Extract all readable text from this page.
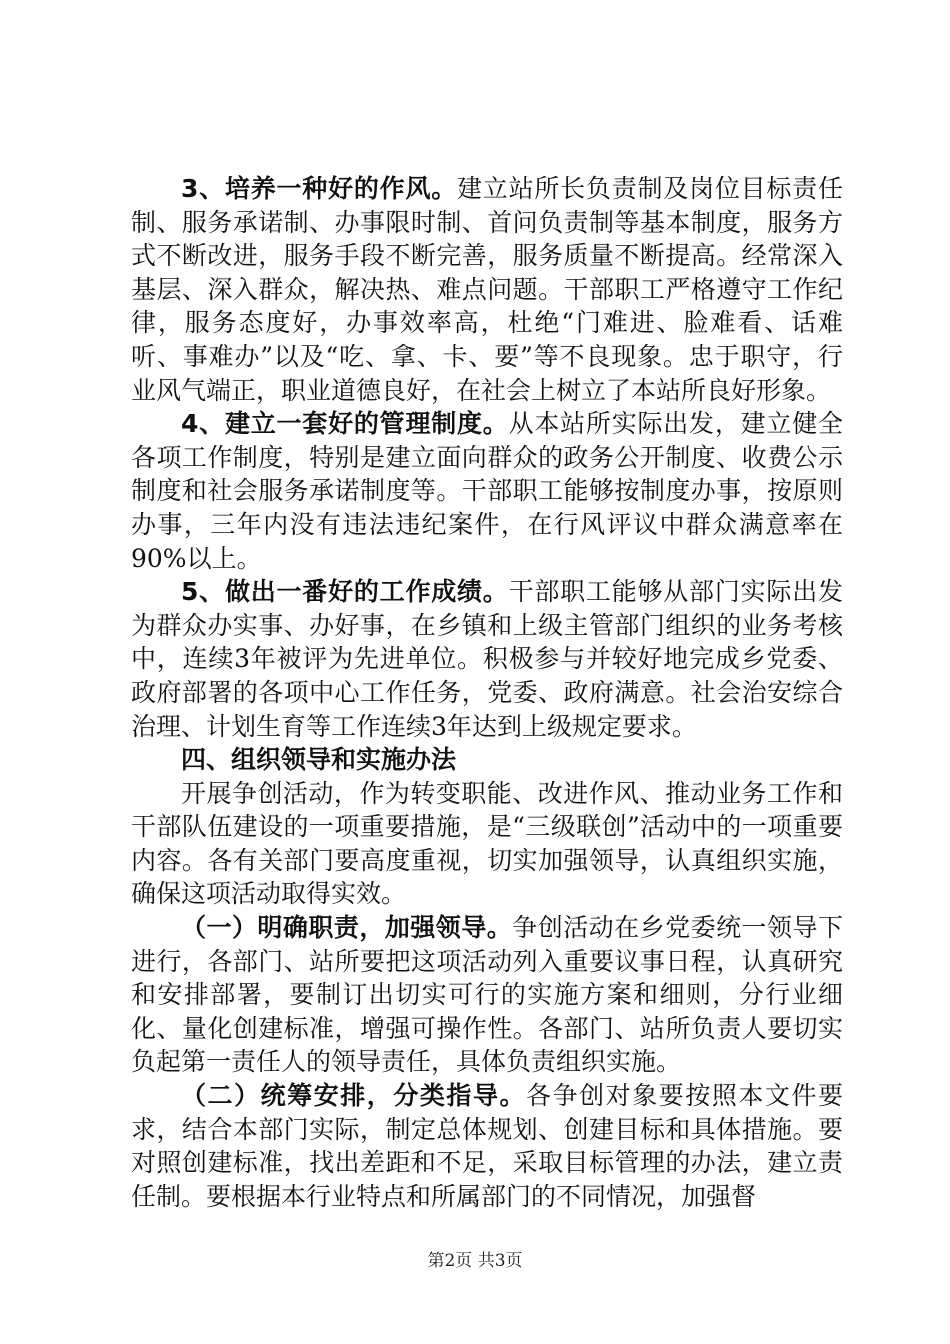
3、培养一种好的作风。建立站所长负责制及岗位目标责任制、服务承诺制、办事限时制、首问负责制等基本制度，服务方式不断改进，服务手段不断完善，服务质量不断提高。经常深入基层、深入群众，解决热、难点问题。干部职工严格遵守工作纪律，服务态度好，办事效率高，杜绝“门难进、脸难看、话难听、事难办”以及“吃、拿、卡、要”等不良现象。忠于职守，行业风气端正，职业道德良好，在社会上树立了本站所良好形象。

4、建立一套好的管理制度。从本站所实际出发，建立健全各项工作制度，特别是建立面向群众的政务公开制度、收费公示制度和社会服务承诺制度等。干部职工能够按制度办事，按原则办事，三年内没有违法违纪案件，在行风评议中群众满意率在90%以上。

5、做出一番好的工作成绩。干部职工能够从部门实际出发为群众办实事、办好事，在乡镇和上级主管部门组织的业务考核中，连续3年被评为先进单位。积极参与并较好地完成乡党委、政府部署的各项中心工作任务，党委、政府满意。社会治安综合治理、计划生育等工作连续3年达到上级规定要求。

四、组织领导和实施办法

开展争创活动，作为转变职能、改进作风、推动业务工作和干部队伍建设的一项重要措施，是“三级联创”活动中的一项重要内容。各有关部门要高度重视，切实加强领导，认真组织实施，确保这项活动取得实效。

（一）明确职责，加强领导。争创活动在乡党委统一领导下进行，各部门、站所要把这项活动列入重要议事日程，认真研究和安排部署，要制订出切实可行的实施方案和细则，分行业细化、量化创建标准，增强可操作性。各部门、站所负责人要切实负起第一责任人的领导责任，具体负责组织实施。

（二）统筹安排，分类指导。各争创对象要按照本文件要求，结合本部门实际，制定总体规划、创建目标和具体措施。要对照创建标准，找出差距和不足，采取目标管理的办法，建立责任制。要根据本行业特点和所属部门的不同情况，加强督

第2页 共3页
